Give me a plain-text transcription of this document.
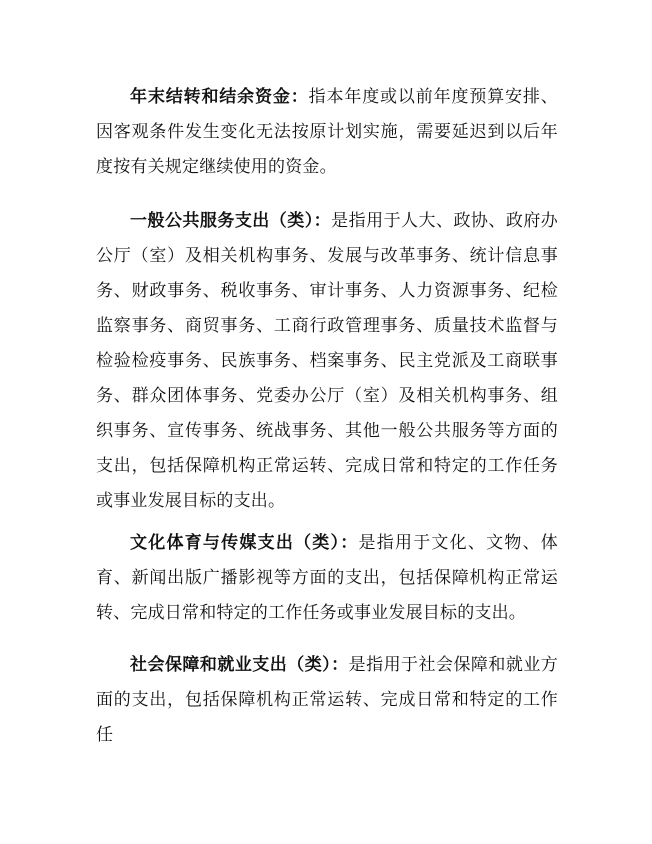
年末结转和结余资金：指本年度或以前年度预算安排、因客观条件发生变化无法按原计划实施，需要延迟到以后年度按有关规定继续使用的资金。

一般公共服务支出（类）：是指用于人大、政协、政府办公厅（室）及相关机构事务、发展与改革事务、统计信息事务、财政事务、税收事务、审计事务、人力资源事务、纪检监察事务、商贸事务、工商行政管理事务、质量技术监督与检验检疫事务、民族事务、档案事务、民主党派及工商联事务、群众团体事务、党委办公厅（室）及相关机构事务、组织事务、宣传事务、统战事务、其他一般公共服务等方面的支出，包括保障机构正常运转、完成日常和特定的工作任务或事业发展目标的支出。

文化体育与传媒支出（类）：是指用于文化、文物、体育、新闻出版广播影视等方面的支出，包括保障机构正常运转、完成日常和特定的工作任务或事业发展目标的支出。

社会保障和就业支出（类）：是指用于社会保障和就业方面的支出，包括保障机构正常运转、完成日常和特定的工作任
